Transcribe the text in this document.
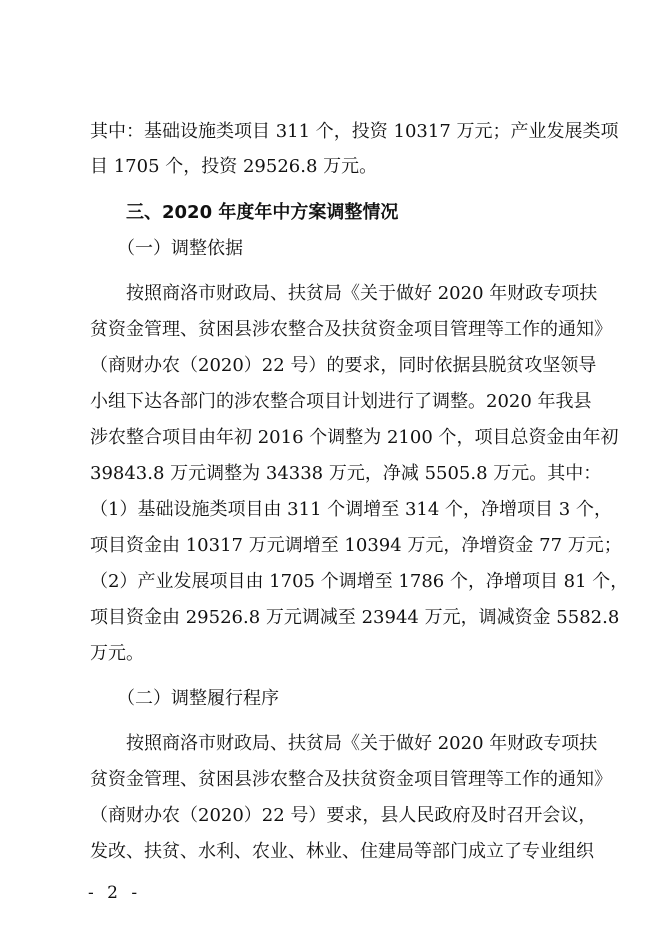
其中：基础设施类项目 311 个，投资 10317 万元；产业发展类项
目 1705 个，投资 29526.8 万元。
　　三、2020 年度年中方案调整情况
　　（一）调整依据
　　按照商洛市财政局、扶贫局《关于做好 2020 年财政专项扶
贫资金管理、贫困县涉农整合及扶贫资金项目管理等工作的通知》
（商财办农（2020）22 号）的要求，同时依据县脱贫攻坚领导
小组下达各部门的涉农整合项目计划进行了调整。2020 年我县
涉农整合项目由年初 2016 个调整为 2100 个，项目总资金由年初
39843.8 万元调整为 34338 万元，净减 5505.8 万元。其中：
（1）基础设施类项目由 311 个调增至 314 个，净增项目 3 个，
项目资金由 10317 万元调增至 10394 万元，净增资金 77 万元；
（2）产业发展项目由 1705 个调增至 1786 个，净增项目 81 个，
项目资金由 29526.8 万元调减至 23944 万元，调减资金 5582.8
万元。
　　（二）调整履行程序
　　按照商洛市财政局、扶贫局《关于做好 2020 年财政专项扶
贫资金管理、贫困县涉农整合及扶贫资金项目管理等工作的通知》
（商财办农（2020）22 号）要求，县人民政府及时召开会议，
发改、扶贫、水利、农业、林业、住建局等部门成立了专业组织
- 2 -
